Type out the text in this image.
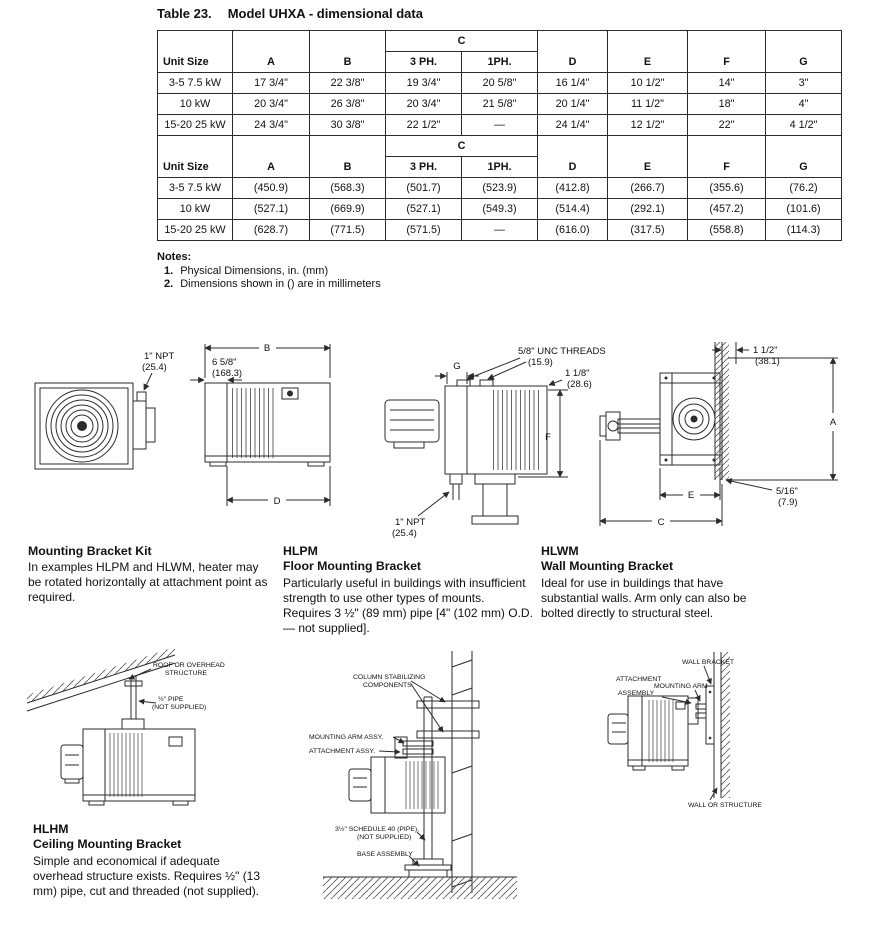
Table 23. Model UHXA - dimensional data
Unit Size	A	B	C		D	E	F	G
			3 PH.	1PH.				
3-5 7.5 kW	17 3/4"	22 3/8"	19 3/4"	20 5/8"	16 1/4"	10 1/2"	14"	3"
10 kW	20 3/4"	26 3/8"	20 3/4"	21 5/8"	20 1/4"	11 1/2"	18"	4"
15-20 25 kW	24 3/4"	30 3/8"	22 1/2"	—	24 1/4"	12 1/2"	22"	4 1/2"
Unit Size	A	B	C		D	E	F	G
			3 PH.	1PH.				
3-5 7.5 kW	(450.9)	(568.3)	(501.7)	(523.9)	(412.8)	(266.7)	(355.6)	(76.2)
10 kW	(527.1)	(669.9)	(527.1)	(549.3)	(514.4)	(292.1)	(457.2)	(101.6)
15-20 25 kW	(628.7)	(771.5)	(571.5)	—	(616.0)	(317.5)	(558.8)	(114.3)
Notes:
1. Physical Dimensions, in. (mm)
2. Dimensions shown in () are in millimeters
1" NPT
(25.4)	6 5/8"
(168.3)
B
D
5/8" UNC THREADS
(15.9)
G
1 1/8"
(28.6)
F
1" NPT
(25.4)
1 1/2"
(38.1)
A
E	5/16"
(7.9)
C
Mounting Bracket Kit
In examples HLPM and HLWM, heater may be rotated horizontally at attachment point as required.
HLPM
Floor Mounting Bracket
Particularly useful in buildings with insufficient strength to use other types of mounts. Requires 3 ½" (89 mm) pipe [4" (102 mm) O.D. — not supplied].
HLWM
Wall Mounting Bracket
Ideal for use in buildings that have substantial walls. Arm only can also be bolted directly to structural steel.
ROOF OR OVERHEAD
STRUCTURE
½" PIPE
(NOT SUPPLIED)
HLHM
Ceiling Mounting Bracket
Simple and economical if adequate overhead structure exists. Requires ½" (13 mm) pipe, cut and threaded (not supplied).
COLUMN STABILIZING
COMPONENTS
MOUNTING ARM ASSY.
ATTACHMENT ASSY.
3½" SCHEDULE 40 (PIPE),
(NOT SUPPLIED)
BASE ASSEMBLY
WALL BRACKET
ATTACHMENT
MOUNTING ARM
ASSEMBLY
WALL OR STRUCTURE
